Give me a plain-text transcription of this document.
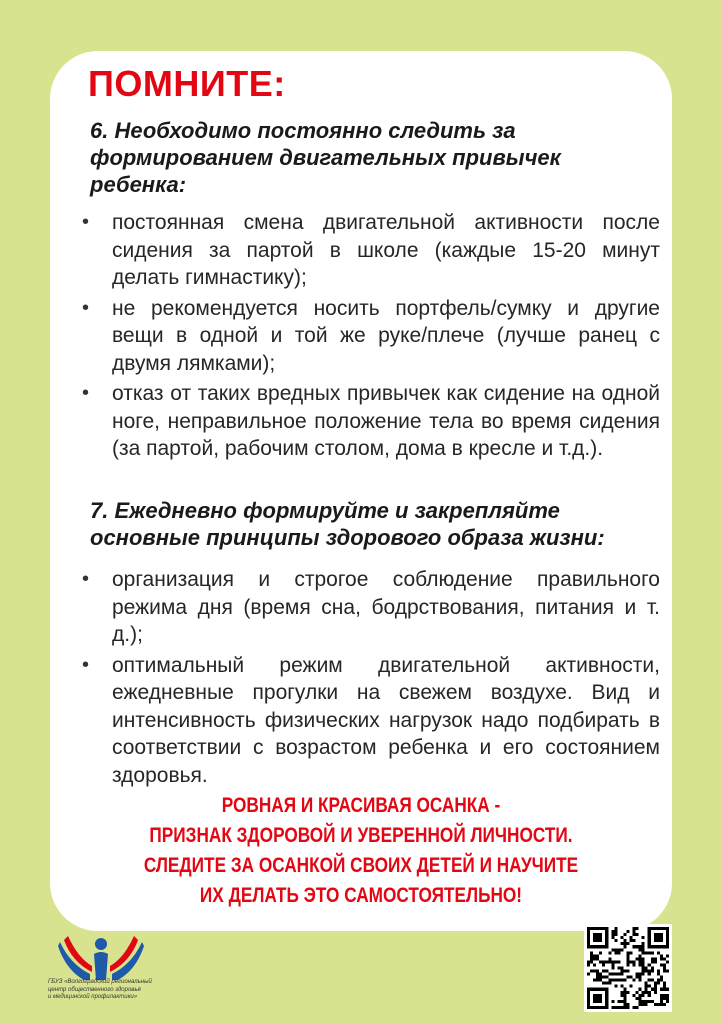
ПОМНИТЕ:

6. Необходимо постоянно следить за формированием двигательных привычек ребенка:

• постоянная смена двигательной активности после сидения за партой в школе (каждые 15-20 минут делать гимнастику);
• не рекомендуется носить портфель/сумку и другие вещи в одной и той же руке/плече (лучше ранец с двумя лямками);
• отказ от таких вредных привычек как сидение на одной ноге, неправильное положение тела во время сидения (за партой, рабочим столом, дома в кресле и т.д.).

7. Ежедневно формируйте и закрепляйте основные принципы здорового образа жизни:

• организация и строгое соблюдение правильного режима дня (время сна, бодрствования, питания и т. д.);
• оптимальный режим двигательной активности, ежедневные прогулки на свежем воздухе. Вид и интенсивность физических нагрузок надо подбирать в соответствии с возрастом ребенка и его состоянием здоровья.
РОВНАЯ И КРАСИВАЯ ОСАНКА -
ПРИЗНАК ЗДОРОВОЙ И УВЕРЕННОЙ ЛИЧНОСТИ.
СЛЕДИТЕ ЗА ОСАНКОЙ СВОИХ ДЕТЕЙ И НАУЧИТЕ
ИХ ДЕЛАТЬ ЭТО САМОСТОЯТЕЛЬНО!
ГБУЗ «Волгоградский региональный
центр общественного здоровья
и медицинской профилактики»
